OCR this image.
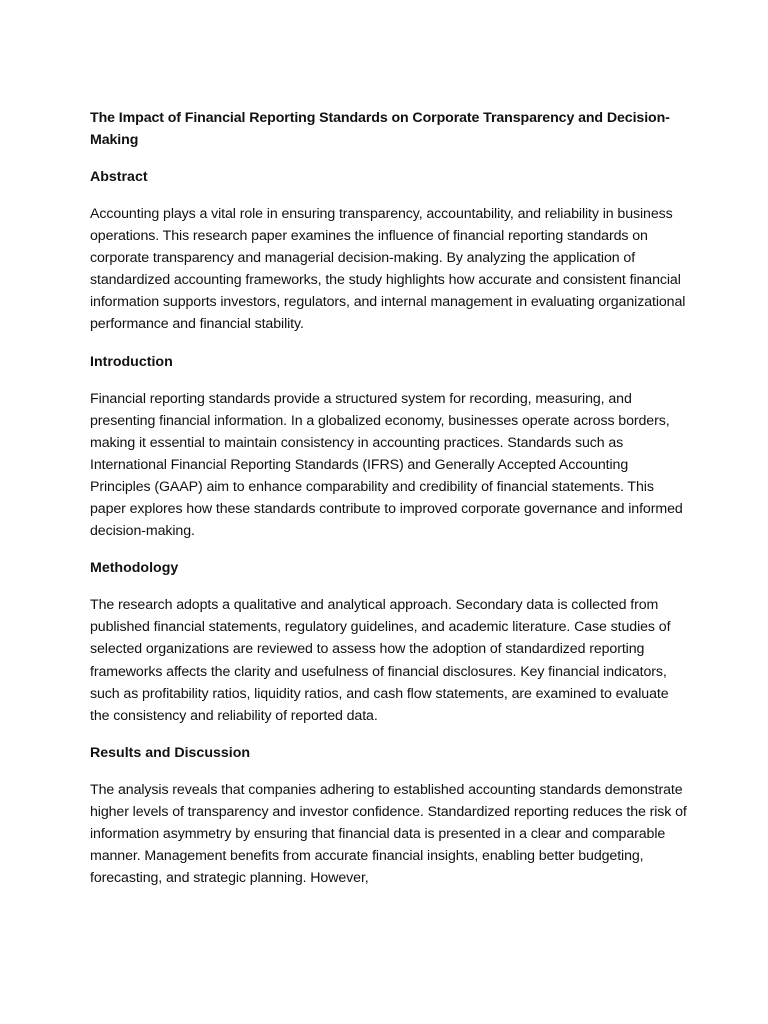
The Impact of Financial Reporting Standards on Corporate Transparency and Decision-Making
Abstract
Accounting plays a vital role in ensuring transparency, accountability, and reliability in business operations. This research paper examines the influence of financial reporting standards on corporate transparency and managerial decision-making. By analyzing the application of standardized accounting frameworks, the study highlights how accurate and consistent financial information supports investors, regulators, and internal management in evaluating organizational performance and financial stability.
Introduction
Financial reporting standards provide a structured system for recording, measuring, and presenting financial information. In a globalized economy, businesses operate across borders, making it essential to maintain consistency in accounting practices. Standards such as International Financial Reporting Standards (IFRS) and Generally Accepted Accounting Principles (GAAP) aim to enhance comparability and credibility of financial statements. This paper explores how these standards contribute to improved corporate governance and informed decision-making.
Methodology
The research adopts a qualitative and analytical approach. Secondary data is collected from published financial statements, regulatory guidelines, and academic literature. Case studies of selected organizations are reviewed to assess how the adoption of standardized reporting frameworks affects the clarity and usefulness of financial disclosures. Key financial indicators, such as profitability ratios, liquidity ratios, and cash flow statements, are examined to evaluate the consistency and reliability of reported data.
Results and Discussion
The analysis reveals that companies adhering to established accounting standards demonstrate higher levels of transparency and investor confidence. Standardized reporting reduces the risk of information asymmetry by ensuring that financial data is presented in a clear and comparable manner. Management benefits from accurate financial insights, enabling better budgeting, forecasting, and strategic planning. However,
